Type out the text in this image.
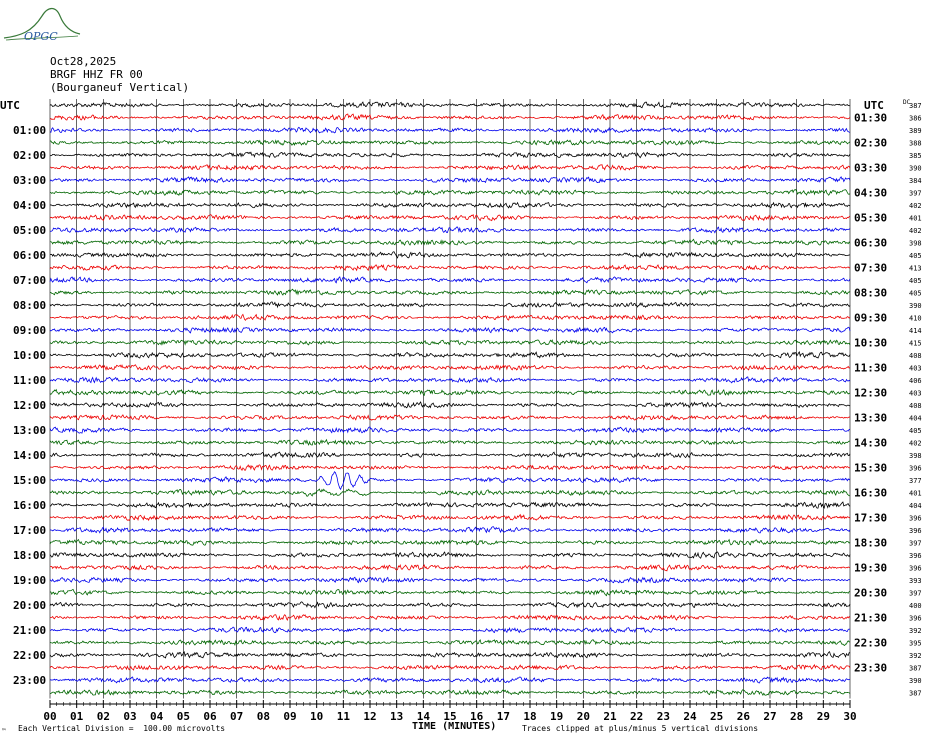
OPGC
Oct28,2025
BRGF HHZ FR 00
(Bourganeuf Vertical)
UTC	UTC	DC
01:00
02:00
03:00
04:00
05:00
06:00
07:00
08:00
09:00
10:00
11:00
12:00
13:00
14:00
15:00
16:00
17:00
18:00
19:00
20:00
21:00
22:00
23:00
01:30
02:30
03:30
04:30
05:30
06:30
07:30
08:30
09:30
10:30
11:30
12:30
13:30
14:30
15:30
16:30
17:30
18:30
19:30
20:30
21:30
22:30
23:30
387
386
389
388
385
390
384
397
402
401
402
398
405
413
405
405
390
410
414
415
408
403
406
403
408
404
405
402
398
396
377
401
404
396
396
397
396
396
393
397
400
396
392
395
392
387
390
387
00 01 02 03 04 05 06 07 08 09 10 11 12 13 14 15 16 17 18 19 20 21 22 23 24 25 26 27 28 29 30
™ Each Vertical Division =  100.00 microvolts	TIME (MINUTES)	Traces clipped at plus/minus 5 vertical divisions
